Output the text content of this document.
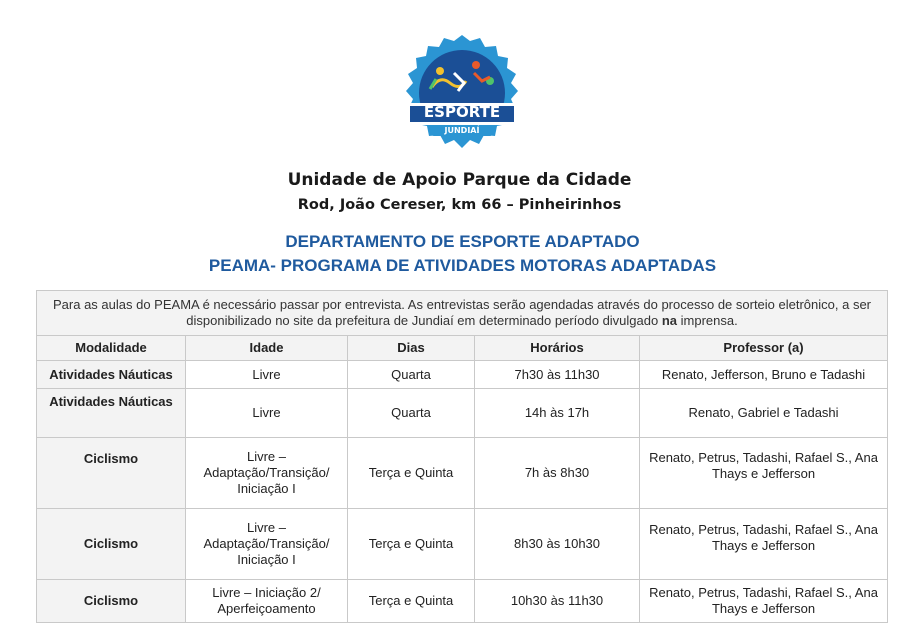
ESPORTE
JUNDIAÍ
Unidade de Apoio Parque da Cidade
Rod, João Cereser, km 66 – Pinheirinhos
DEPARTAMENTO DE ESPORTE ADAPTADO
PEAMA- PROGRAMA DE ATIVIDADES MOTORAS ADAPTADAS
Para as aulas do PEAMA é necessário passar por entrevista. As entrevistas serão agendadas através do processo de sorteio eletrônico, a ser disponibilizado no site da prefeitura de Jundiaí em determinado período divulgado na imprensa.				
Modalidade	Idade	Dias	Horários	Professor (a)
Atividades Náuticas	Livre	Quarta	7h30 às 11h30	Renato, Jefferson, Bruno e Tadashi
Atividades Náuticas	Livre	Quarta	14h às 17h	Renato, Gabriel e Tadashi
Ciclismo	Livre – Adaptação/Transição/ Iniciação I	Terça e Quinta	7h às 8h30	Renato, Petrus, Tadashi, Rafael S., Ana Thays e Jefferson
Ciclismo	Livre – Adaptação/Transição/ Iniciação I	Terça e Quinta	8h30 às 10h30	Renato, Petrus, Tadashi, Rafael S., Ana Thays e Jefferson
Ciclismo	Livre – Iniciação 2/ Aperfeiçoamento	Terça e Quinta	10h30 às 11h30	Renato, Petrus, Tadashi, Rafael S., Ana Thays e Jefferson
